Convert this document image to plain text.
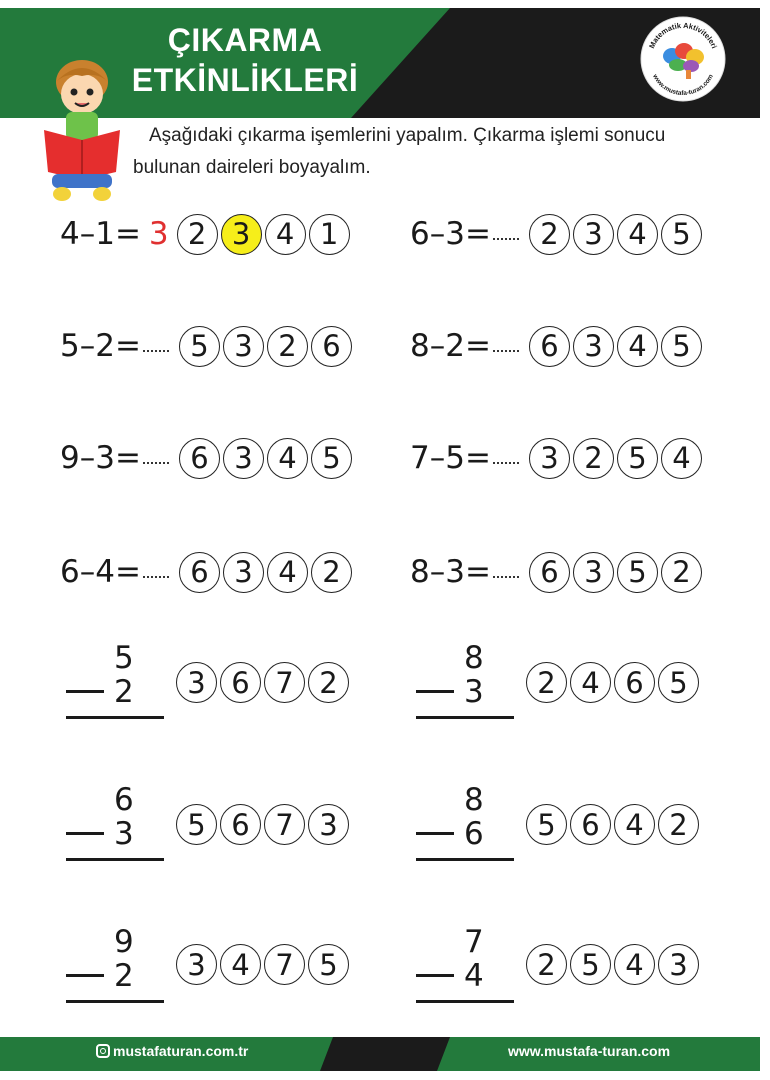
ÇIKARMA
ETKİNLİKLERİ
Matematik Aktiviteleri
www.mustafa-turan.com
Aşağıdaki çıkarma işemlerini yapalım. Çıkarma işlemi sonucu
bulunan daireleri boyayalım.
4–1= 3 2 3 4 1	6–3=	2 3 4 5
5–2=	5 3 2 6	8–2=	6 3 4 5
9–3=	6 3 4 5	7–5=	3 2 5 4
6–4=	6 3 4 2	8–3=	6 3 5 2
5
2	3 6 7 2
8
3	2 4 6 5
6
3	5 6 7 3
8
6	5 6 4 2
9
2	3 4 7 5
7
4	2 5 4 3
mustafaturan.com.tr	www.mustafa-turan.com
